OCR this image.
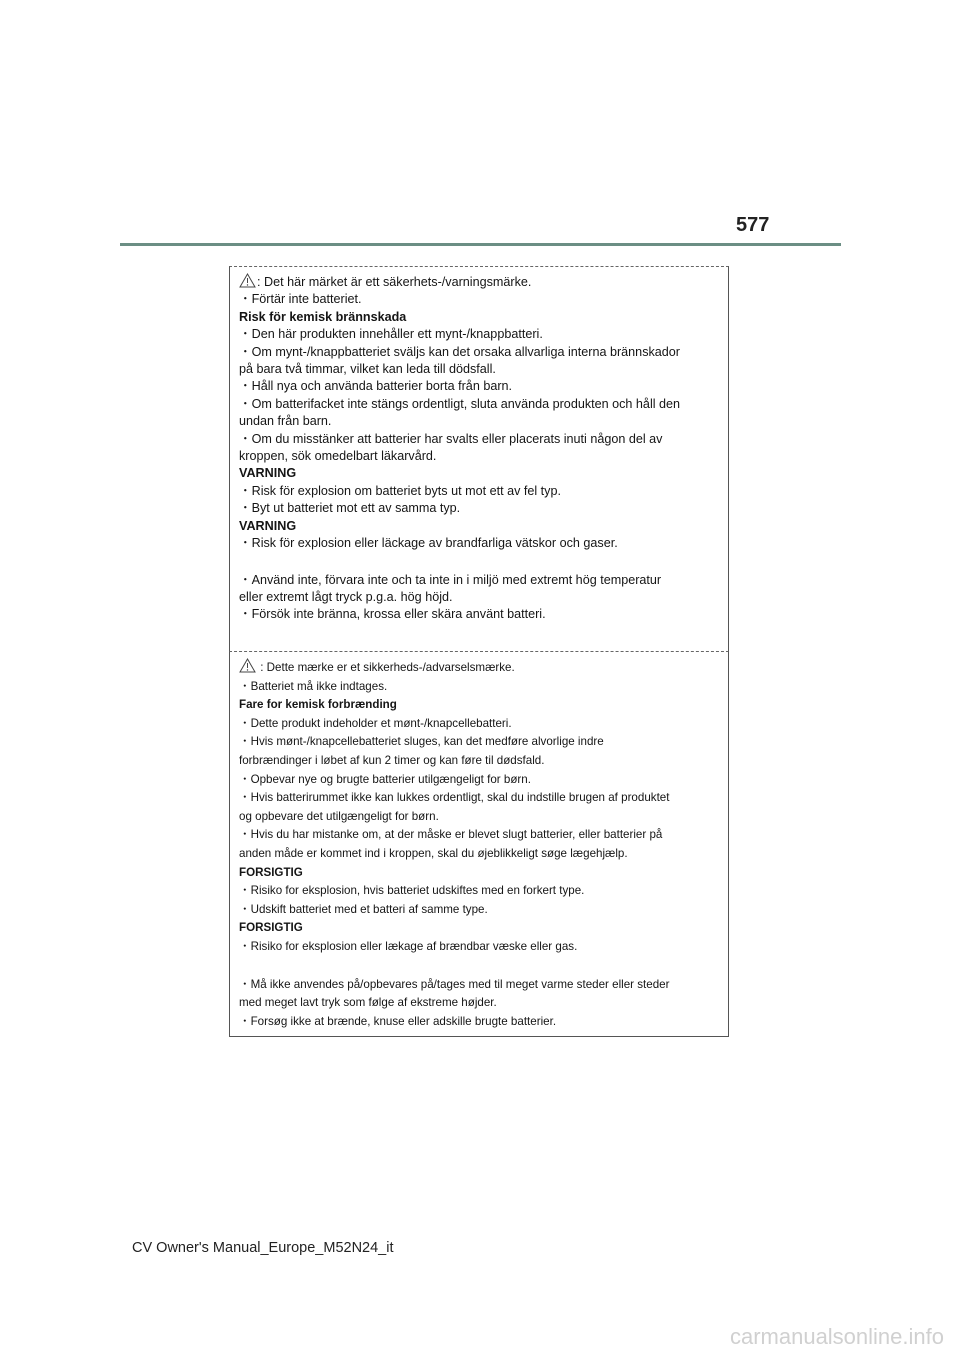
577
: Det här märket är ett säkerhets-/varningsmärke.
・Förtär inte batteriet.
Risk för kemisk brännskada
・Den här produkten innehåller ett mynt-/knappbatteri.
・Om mynt-/knappbatteriet sväljs kan det orsaka allvarliga interna brännskador
på bara två timmar, vilket kan leda till dödsfall.
・Håll nya och använda batterier borta från barn.
・Om batterifacket inte stängs ordentligt, sluta använda produkten och håll den
undan från barn.
・Om du misstänker att batterier har svalts eller placerats inuti någon del av
kroppen, sök omedelbart läkarvård.
VARNING
・Risk för explosion om batteriet byts ut mot ett av fel typ.
・Byt ut batteriet mot ett av samma typ.
VARNING
・Risk för explosion eller läckage av brandfarliga vätskor och gaser.
・Använd inte, förvara inte och ta inte in i miljö med extremt hög temperatur
eller extremt lågt tryck p.g.a. hög höjd.
・Försök inte bränna, krossa eller skära använt batteri.
: Dette mærke er et sikkerheds-/advarselsmærke.
・Batteriet må ikke indtages.
Fare for kemisk forbrænding
・Dette produkt indeholder et mønt-/knapcellebatteri.
・Hvis mønt-/knapcellebatteriet sluges, kan det medføre alvorlige indre
forbrændinger i løbet af kun 2 timer og kan føre til dødsfald.
・Opbevar nye og brugte batterier utilgængeligt for børn.
・Hvis batterirummet ikke kan lukkes ordentligt, skal du indstille brugen af produktet
og opbevare det utilgængeligt for børn.
・Hvis du har mistanke om, at der måske er blevet slugt batterier, eller batterier på
anden måde er kommet ind i kroppen, skal du øjeblikkeligt søge lægehjælp.
FORSIGTIG
・Risiko for eksplosion, hvis batteriet udskiftes med en forkert type.
・Udskift batteriet med et batteri af samme type.
FORSIGTIG
・Risiko for eksplosion eller lækage af brændbar væske eller gas.
・Må ikke anvendes på/opbevares på/tages med til meget varme steder eller steder
med meget lavt tryk som følge af ekstreme højder.
・Forsøg ikke at brænde, knuse eller adskille brugte batterier.
CV Owner's Manual_Europe_M52N24_it
carmanualsonline.info
